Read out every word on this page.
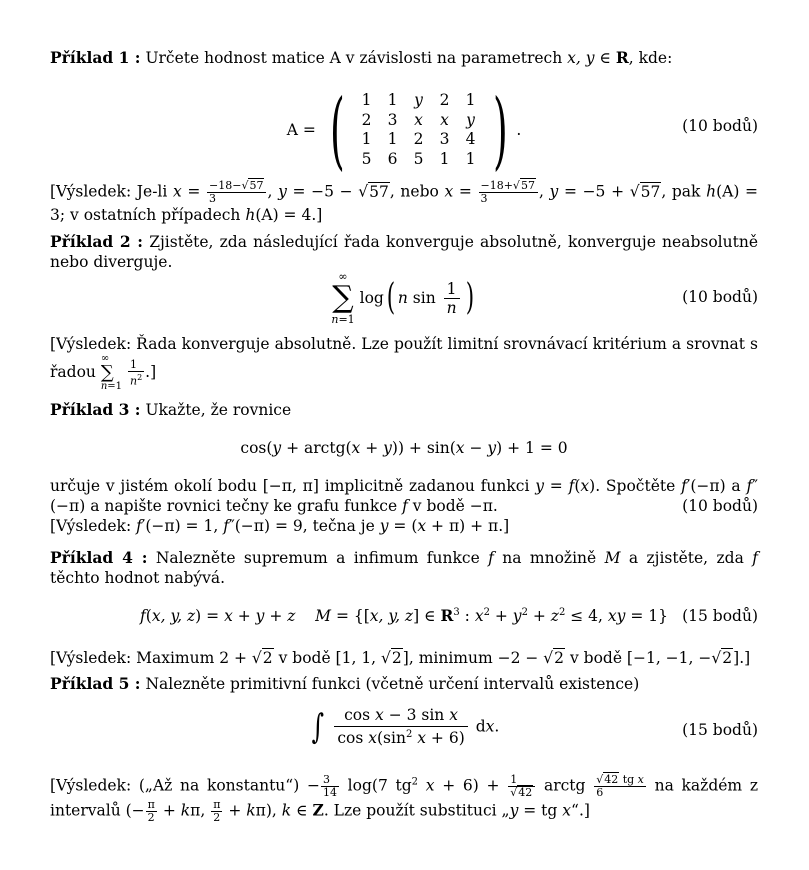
Příklad 1 : Určete hodnost matice A v závislosti na parametrech x, y ∈ R, kde:
A = (	1	1	y	2	1
2	3	x	x	y
1	1	2	3	4
5	6	5	1	1 ) .	(10 bodů)
[Výsledek: Je-li $x = \frac{-18-√57}{3}$ , y = −5 − √57, nebo $x = \frac{-18+√57}{3}$ , y = −5 + √57, pak h(A) = 3; v ostatních případech h(A) = 4.]
Příklad 2 : Zjistěte, zda následující řada konverguje absolutně, konverguje neabsolutně nebo diverguje.
∞
∑
n=1 log( n $\sin \frac{1}{n}$ )	(10 bodů)
[Výsledek: Řada konverguje absolutně. Lze použít limitní srovnávací kritérium a srovnat s řadou ∞
∑
$n=1 \frac{1}{n^2}$ .]
Příklad 3 : Ukažte, že rovnice
cos(y + arctg(x + y)) + sin(x − y) + 1 = 0
určuje v jistém okolí bodu [−π, π] implicitně zadanou funkci y = f(x). Spočtěte f′(−π) a f″(−π) a napište rovnici tečny ke grafu funkce f v bodě −π.	(10 bodů)
[Výsledek: f′(−π) = 1, f″(−π) = 9, tečna je y = (x + π) + π.]
Příklad 4 : Nalezněte supremum a infimum funkce f na množině M a zjistěte, zda f těchto hodnot nabývá.
f(x, y, z) = x + y + z M = {[x, y, z] ∈ $R^3$ : $x^2 + y^2 + z^2 \le 4$, xy = 1} (15 bodů)
[Výsledek: Maximum 2 + √2 v bodě [1, 1, √2], minimum −2 − √2 v bodě [−1, −1, −√2].]
Příklad 5 : Nalezněte primitivní funkci (včetně určení intervalů existence)
∫ $\frac{\text{cos x − 3 sin x}}{\cos x(\sin^2 x + 6)}$ dx.	(15 bodů)
[Výsledek: („Až na konstantu“) − $\frac{3}{14} \log(7$ $tg^2$ $x + 6) + \frac{1}{√42}$ arctg $\frac{\text{√42 tg x}}{6}$ na každém z intervalů (− $\frac{\pi}{2} + k\pi$, $\frac{\pi}{2} + k\pi$), k ∈ Z. Lze použít substituci „y = tg x“.]
